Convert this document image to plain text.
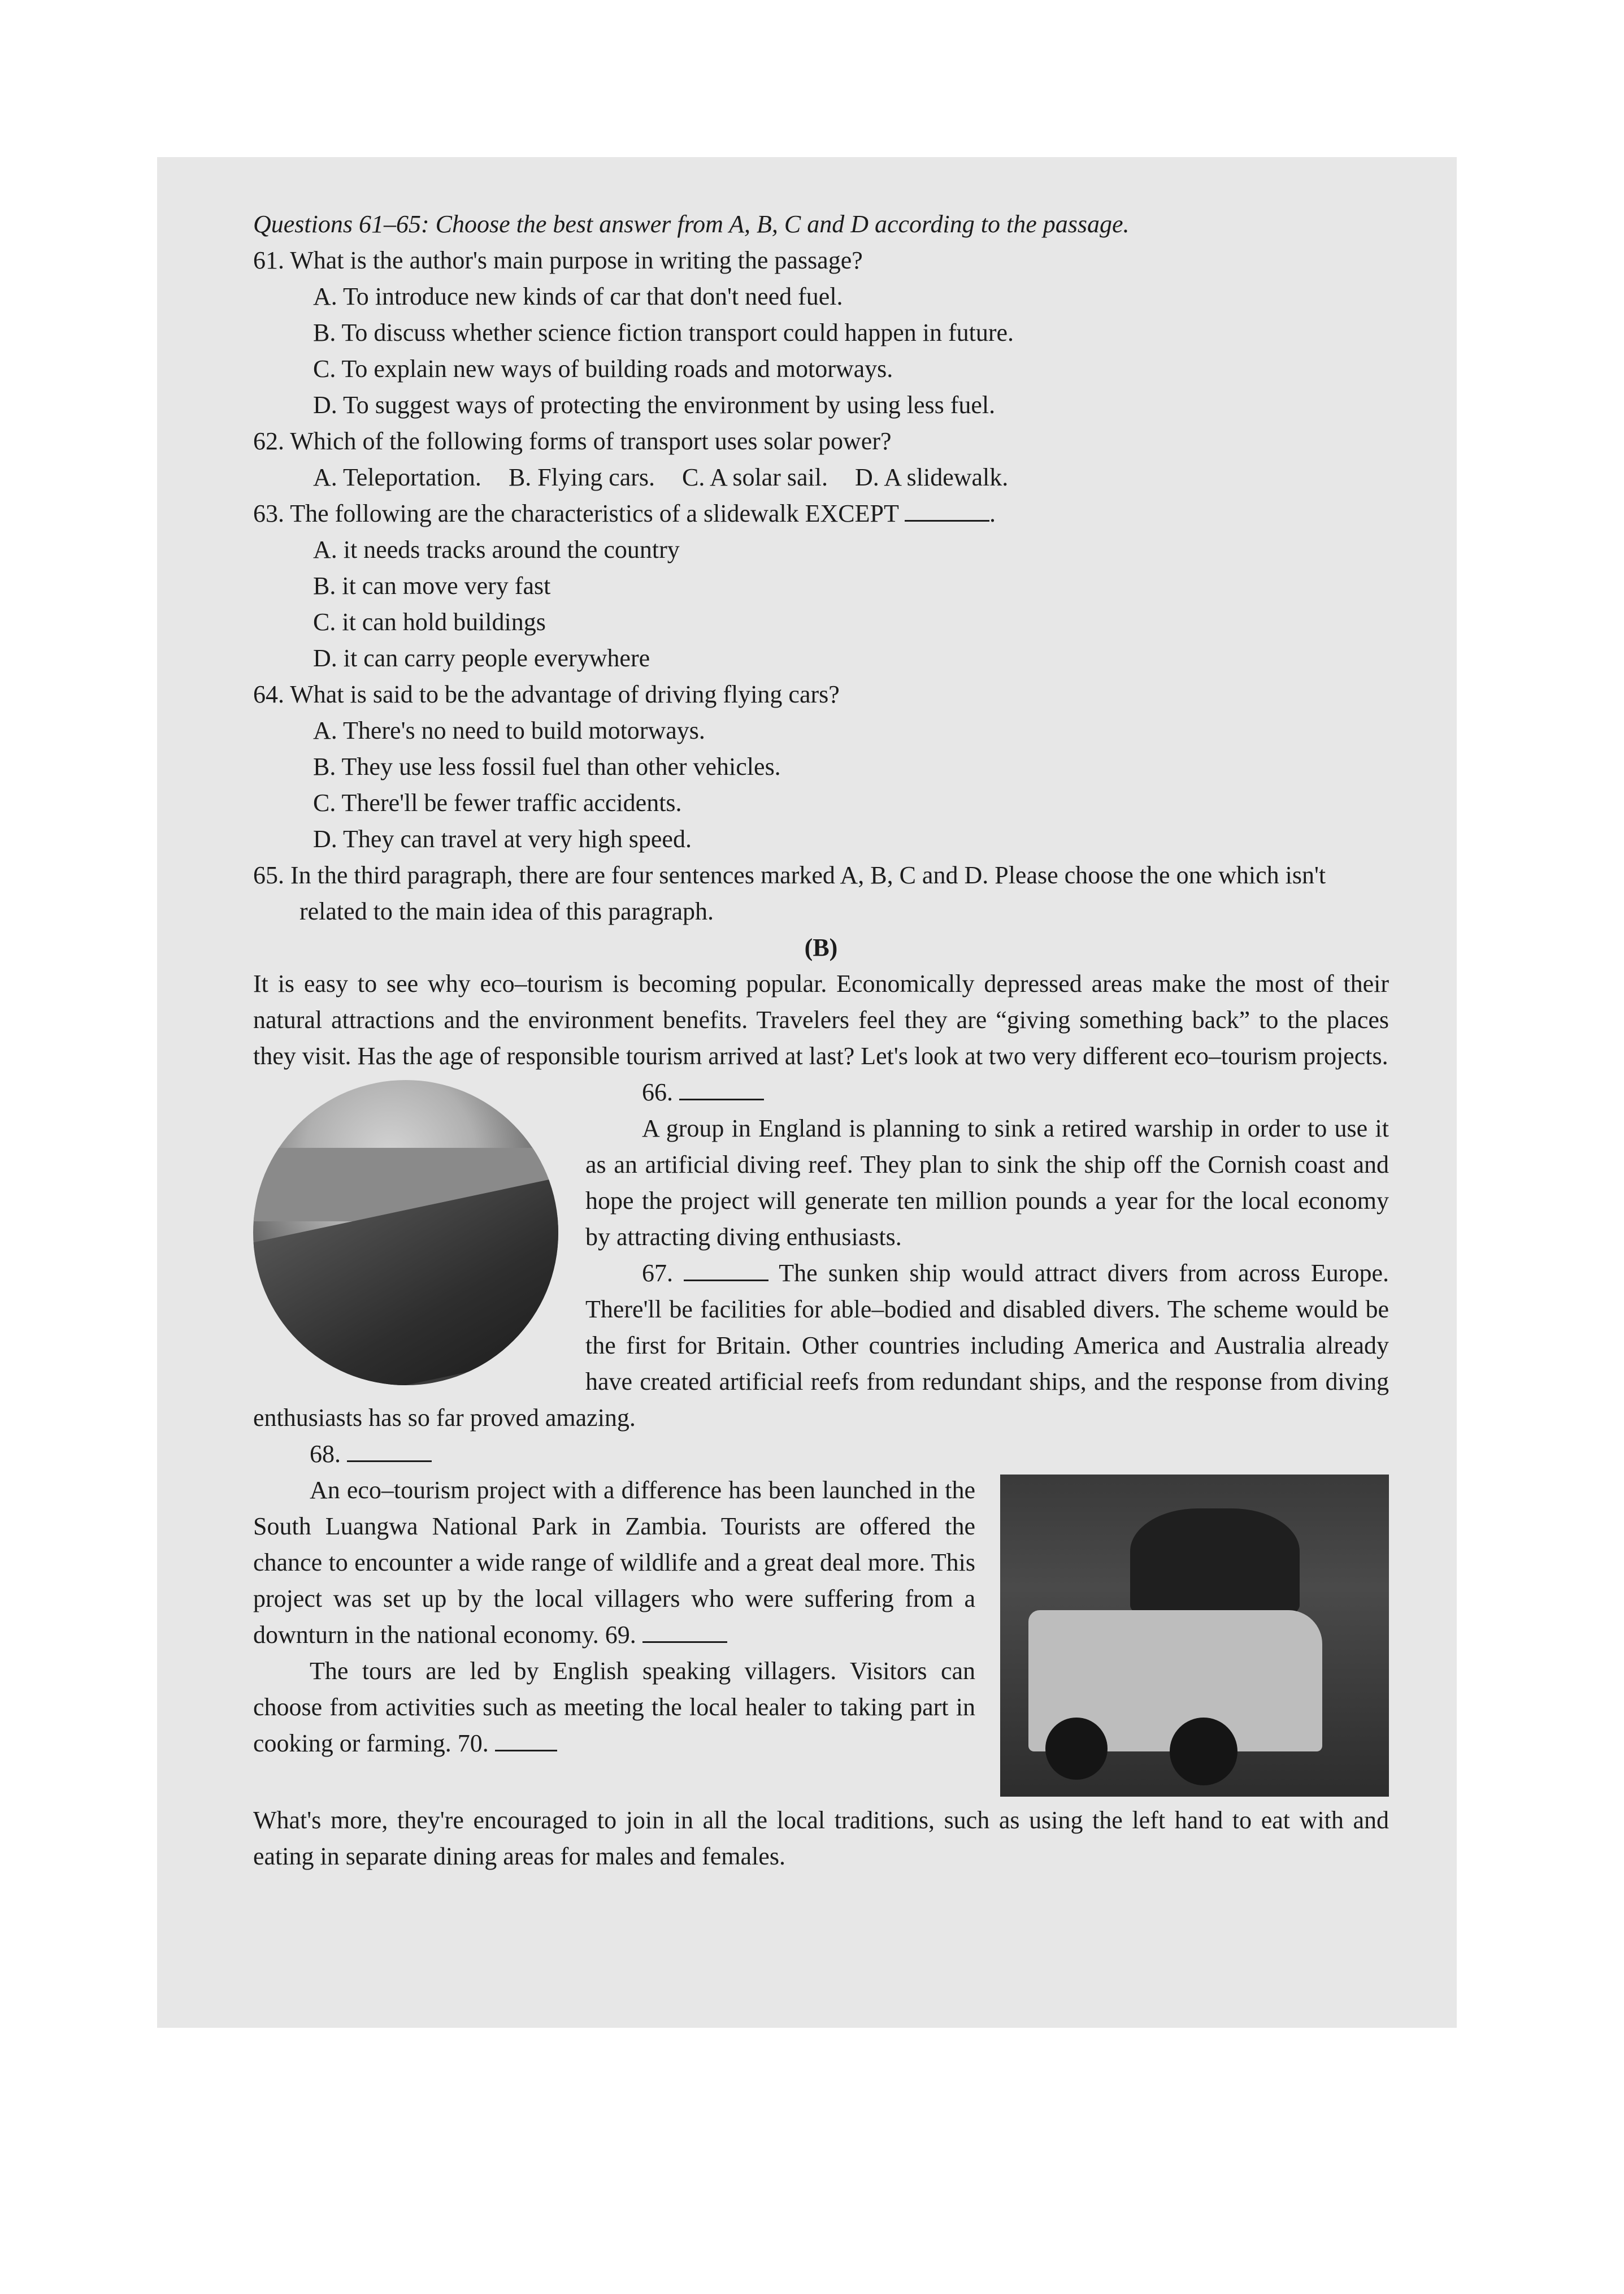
Questions 61–65: Choose the best answer from A, B, C and D according to the passage.

61. What is the author's main purpose in writing the passage?

A. To introduce new kinds of car that don't need fuel.

B. To discuss whether science fiction transport could happen in future.

C. To explain new ways of building roads and motorways.

D. To suggest ways of protecting the environment by using less fuel.

62. Which of the following forms of transport uses solar power?

A. Teleportation. B. Flying cars. C. A solar sail. D. A slidewalk.

63. The following are the characteristics of a slidewalk EXCEPT	.

A. it needs tracks around the country

B. it can move very fast

C. it can hold buildings

D. it can carry people everywhere

64. What is said to be the advantage of driving flying cars?

A. There's no need to build motorways.

B. They use less fossil fuel than other vehicles.

C. There'll be fewer traffic accidents.

D. They can travel at very high speed.

65. In the third paragraph, there are four sentences marked A, B, C and D. Please choose the one which isn't related to the main idea of this paragraph.

(B)

It is easy to see why eco–tourism is becoming popular. Economically depressed areas make the most of their natural attractions and the environment benefits. Travelers feel they are “giving something back” to the places they visit. Has the age of responsible tourism arrived at last? Let's look at two very different eco–tourism projects.

66.

A group in England is planning to sink a retired warship in order to use it as an artificial diving reef. They plan to sink the ship off the Cornish coast and hope the project will generate ten million pounds a year for the local economy by attracting diving enthusiasts.

67.	The sunken ship would attract divers from across Europe. There'll be facilities for able–bodied and disabled divers. The scheme would be the first for Britain. Other countries including America and Australia already have created artificial reefs from redundant ships, and the response from diving enthusiasts has so far proved amazing.

68.

An eco–tourism project with a difference has been launched in the South Luangwa National Park in Zambia. Tourists are offered the chance to encounter a wide range of wildlife and a great deal more. This project was set up by the local villagers who were suffering from a downturn in the national economy. 69.

The tours are led by English speaking villagers. Visitors can choose from activities such as meeting the local healer to taking part in cooking or farming. 70.

What's more, they're encouraged to join in all the local traditions, such as using the left hand to eat with and eating in separate dining areas for males and females.
